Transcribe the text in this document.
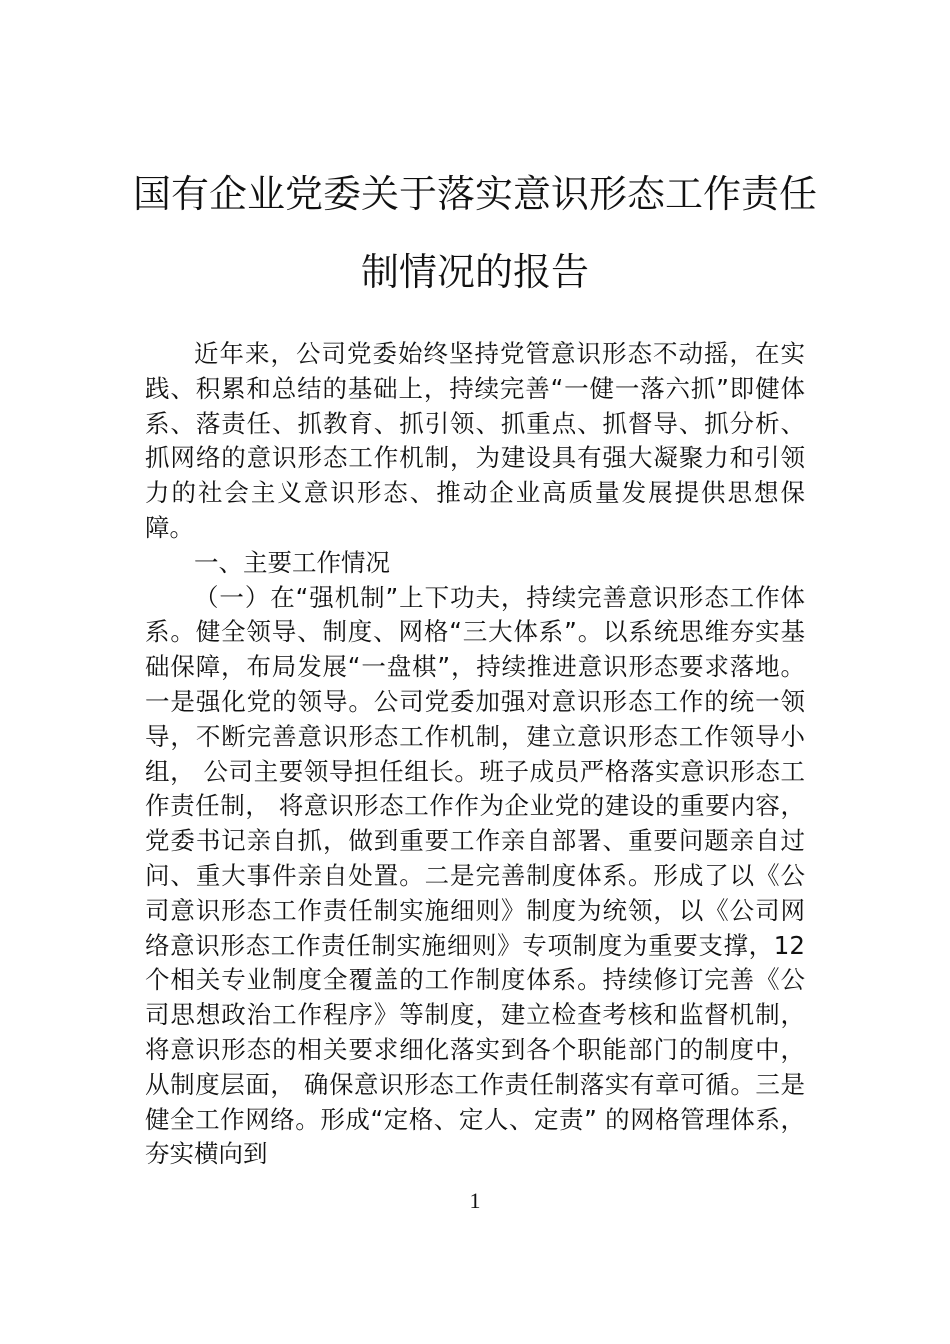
国有企业党委关于落实意识形态工作责任
制情况的报告

近年来，公司党委始终坚持党管意识形态不动摇，在实践、积累和总结的基础上，持续完善“一健一落六抓”即健体系、落责任、抓教育、抓引领、抓重点、抓督导、抓分析、抓网络的意识形态工作机制，为建设具有强大凝聚力和引领力的社会主义意识形态、推动企业高质量发展提供思想保障。

一、主要工作情况

（一）在“强机制”上下功夫，持续完善意识形态工作体系。健全领导、制度、网格“三大体系”。以系统思维夯实基础保障，布局发展“一盘棋”，持续推进意识形态要求落地。一是强化党的领导。公司党委加强对意识形态工作的统一领导，不断完善意识形态工作机制，建立意识形态工作领导小组， 公司主要领导担任组长。班子成员严格落实意识形态工作责任制， 将意识形态工作作为企业党的建设的重要内容，党委书记亲自抓，做到重要工作亲自部署、重要问题亲自过问、重大事件亲自处置。二是完善制度体系。形成了以《公司意识形态工作责任制实施细则》制度为统领，以《公司网络意识形态工作责任制实施细则》专项制度为重要支撑，12 个相关专业制度全覆盖的工作制度体系。持续修订完善《公司思想政治工作程序》等制度，建立检查考核和监督机制，将意识形态的相关要求细化落实到各个职能部门的制度中，从制度层面， 确保意识形态工作责任制落实有章可循。三是健全工作网络。形成“定格、定人、定责” 的网格管理体系，夯实横向到

1
